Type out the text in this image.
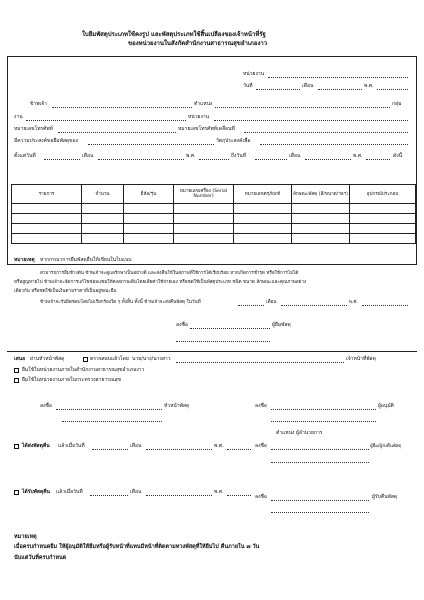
ใบยืมพัสดุประเภทใช้คงรูป และพัสดุประเภทใช้สิ้นเปลืองของเจ้าหน้าที่รัฐ
ของหน่วยงานในสังกัดสำนักงานสาธารณสุขอำเภองาว
หน่วยงาน
วันที่	เดือน	พ.ศ.
ข้าพเจ้า	ตำแหน่ง	กลุ่ม
งาน	หน่วยงาน
หมายเลขโทรศัพท์	หมายเลขโทรศัพท์เคลื่อนที่
มีความประสงค์ขอยืมพัสดุของ	วัตถุประสงค์เพื่อ
ตั้งแต่วันที่	เดือน	พ.ศ.	ถึงวันที่	เดือน	พ.ศ.	ดังนี้
รายการ	จำนวน	ยี่ห้อ/รุ่น	หมายเลขเครื่อง (Serial Number)	หมายเลขครุภัณฑ์	ลักษณะพัสดุ (สี/ขนาด/ฯลฯ)	อุปกรณ์ประกอบ

หมายเหตุ หากกรณาการยืมพัสดุอื่นให้เขียนในใบแนบ
สามารถการยืมข้างต้น ข้าพเจ้าจะดูแลรักษาเป็นอย่างดี และส่งคืนให้ในสภาพที่ใช้การได้เรียบร้อย หากเกิดการชำรุด หรือใช้การไม่ได้
หรือสูญหายไป ข้าพเจ้าจะจัดการแก้ไขซ่อมแซมให้คงสภาพเดิมโดยเสียค่าใช้จ่ายเอง หรือชดใช้เป็นพัสดุประเภท ชนิด ขนาด ลักษณะและคุณภาพอย่าง
เดียวกัน หรือชดใช้เป็นเงินตามราคาที่เป็นอยู่ขณะยืม
ข้าพเจ้าจะรับผิดชอบโดยไม่เรียกร้องใด ๆ ทั้งสิ้น ทั้งนี้ ข้าพเจ้าจะส่งคืนพัสดุ ในวันที่	เดือน	พ.ศ.
ลงชื่อ	ผู้ยืมพัสดุ
เสนอ ผ่านหัวหน้าพัสดุ	ตรวจสอบแล้วโดย นาย/นาง/นางสาว	เจ้าหน้าที่พัสดุ
ยืมใช้ในหน่วยงานภายในสำนักงานสาธารณสุขอำเภองาว
ยืมใช้ในหน่วยงานภายในกระทรวงสาธารณสุข
ลงชื่อ	หัวหน้าพัสดุ	ลงชื่อ	ผู้อนุมัติ
ตำแหน่ง ผู้อำนวยการ
ได้ส่งพัสดุคืน แล้วเมื่อวันที่	เดือน	พ.ศ.	ลงชื่อ	ผู้ยืม/ผู้ส่งคืนพัสดุ
ได้รับพัสดุคืน แล้วเมื่อวันที่	เดือน	พ.ศ.
ลงชื่อ	ผู้รับคืนพัสดุ
หมายเหตุ
เมื่อครบกำหนดยืม ให้ผู้อนุมัติให้ยืมหรือผู้รับหน้าที่แทนมีหน้าที่ติดตามทวงพัสดุที่ให้ยืมไป คืนภายใน ๗ วัน
นับแต่วันที่ครบกำหนด
